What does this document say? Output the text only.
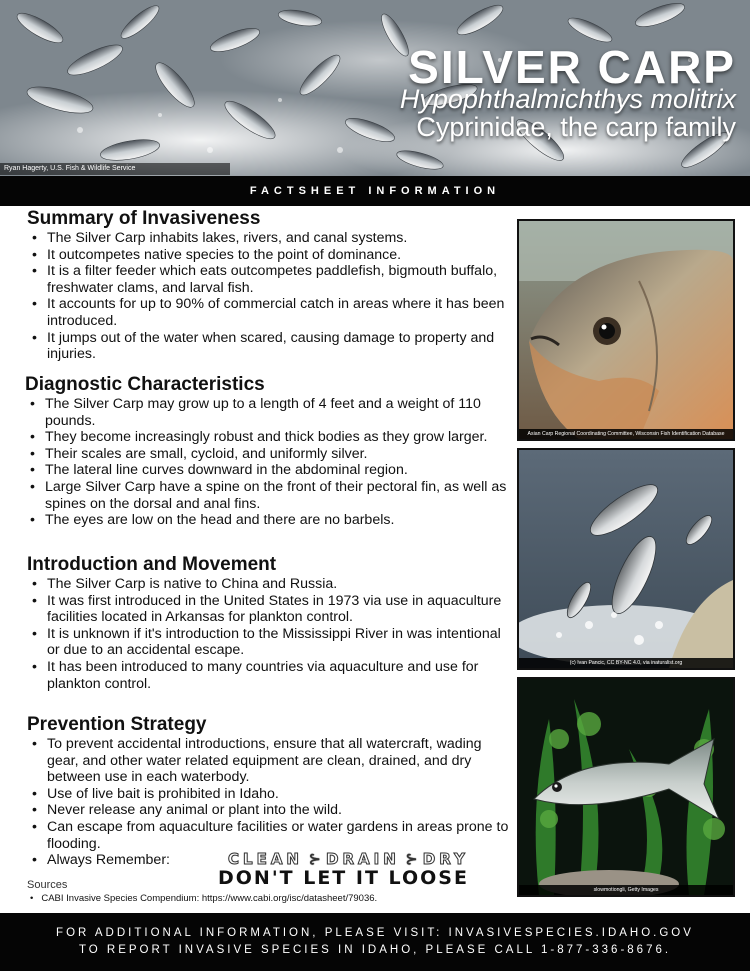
SILVER CARP
Hypophthalmichthys molitrix
Cyprinidae, the carp family
Ryan Hagerty, U.S. Fish & Wildlife Service
FACTSHEET INFORMATION
Summary of Invasiveness
• The Silver Carp inhabits lakes, rivers, and canal systems.
• It outcompetes native species to the point of dominance.
• It is a filter feeder which eats outcompetes paddlefish, bigmouth buffalo, freshwater clams, and larval fish.
• It accounts for up to 90% of commercial catch in areas where it has been introduced.
• It jumps out of the water when scared, causing damage to property and injuries.
Diagnostic Characteristics
• The Silver Carp may grow up to a length of 4 feet and a weight of 110 pounds.
• They become increasingly robust and thick bodies as they grow larger.
• Their scales are small, cycloid, and uniformly silver.
• The lateral line curves downward in the abdominal region.
• Large Silver Carp have a spine on the front of their pectoral fin, as well as spines on the dorsal and anal fins.
• The eyes are low on the head and there are no barbels.
Introduction and Movement
• The Silver Carp is native to China and Russia.
• It was first introduced in the United States in 1973 via use in aquaculture facilities located in Arkansas for plankton control.
• It is unknown if it's introduction to the Mississippi River in was intentional or due to an accidental escape.
• It has been introduced to many countries via aquaculture and use for plankton control.
Prevention Strategy
• To prevent accidental introductions, ensure that all watercraft, wading gear, and other water related equipment are clean, drained, and dry between use in each waterbody.
• Use of live bait is prohibited in Idaho.
• Never release any animal or plant into the wild.
• Can escape from aquaculture facilities or water gardens in areas prone to flooding.
• Always Remember:	CLEAN ⊱ DRAIN ⊱ DRY
DON'T LET IT LOOSE
Sources
• CABI Invasive Species Compendium: https://www.cabi.org/isc/datasheet/79036.
Asian Carp Regional Coordinating Committee, Wisconsin Fish Identification Database
(c) Ivan Pancic, CC BY-NC 4.0, via inaturalist.org
slowmotiongli, Getty Images
FOR ADDITIONAL INFORMATION, PLEASE VISIT: INVASIVESPECIES.IDAHO.GOV
TO REPORT INVASIVE SPECIES IN IDAHO, PLEASE CALL 1-877-336-8676.
